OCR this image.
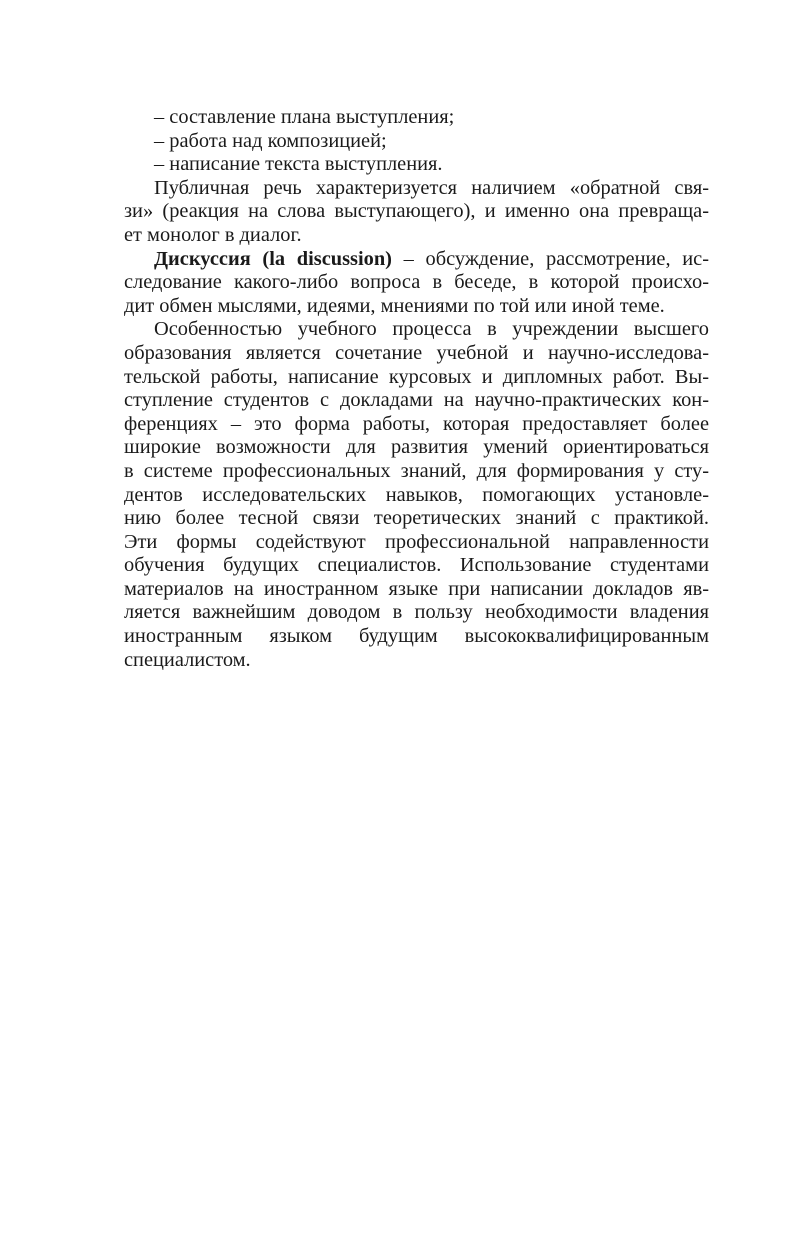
– составление плана выступления;
– работа над композицией;
– написание текста выступления.
Публичная речь характеризуется наличием «обратной свя-
зи» (реакция на слова выступающего), и именно она превраща-
ет монолог в диалог.
Дискуссия (la discussion) – обсуждение, рассмотрение, ис-
следование какого-либо вопроса в беседе, в которой происхо-
дит обмен мыслями, идеями, мнениями по той или иной теме.
Особенностью учебного процесса в учреждении высшего
образования является сочетание учебной и научно-исследова-
тельской работы, написание курсовых и дипломных работ. Вы-
ступление студентов с докладами на научно-практических кон-
ференциях – это форма работы, которая предоставляет более
широкие возможности для развития умений ориентироваться
в системе профессиональных знаний, для формирования у сту-
дентов исследовательских навыков, помогающих установле-
нию более тесной связи теоретических знаний с практикой.
Эти формы содействуют профессиональной направленности
обучения будущих специалистов. Использование студентами
материалов на иностранном языке при написании докладов яв-
ляется важнейшим доводом в пользу необходимости владения
иностранным языком будущим высококвалифицированным
специалистом.
